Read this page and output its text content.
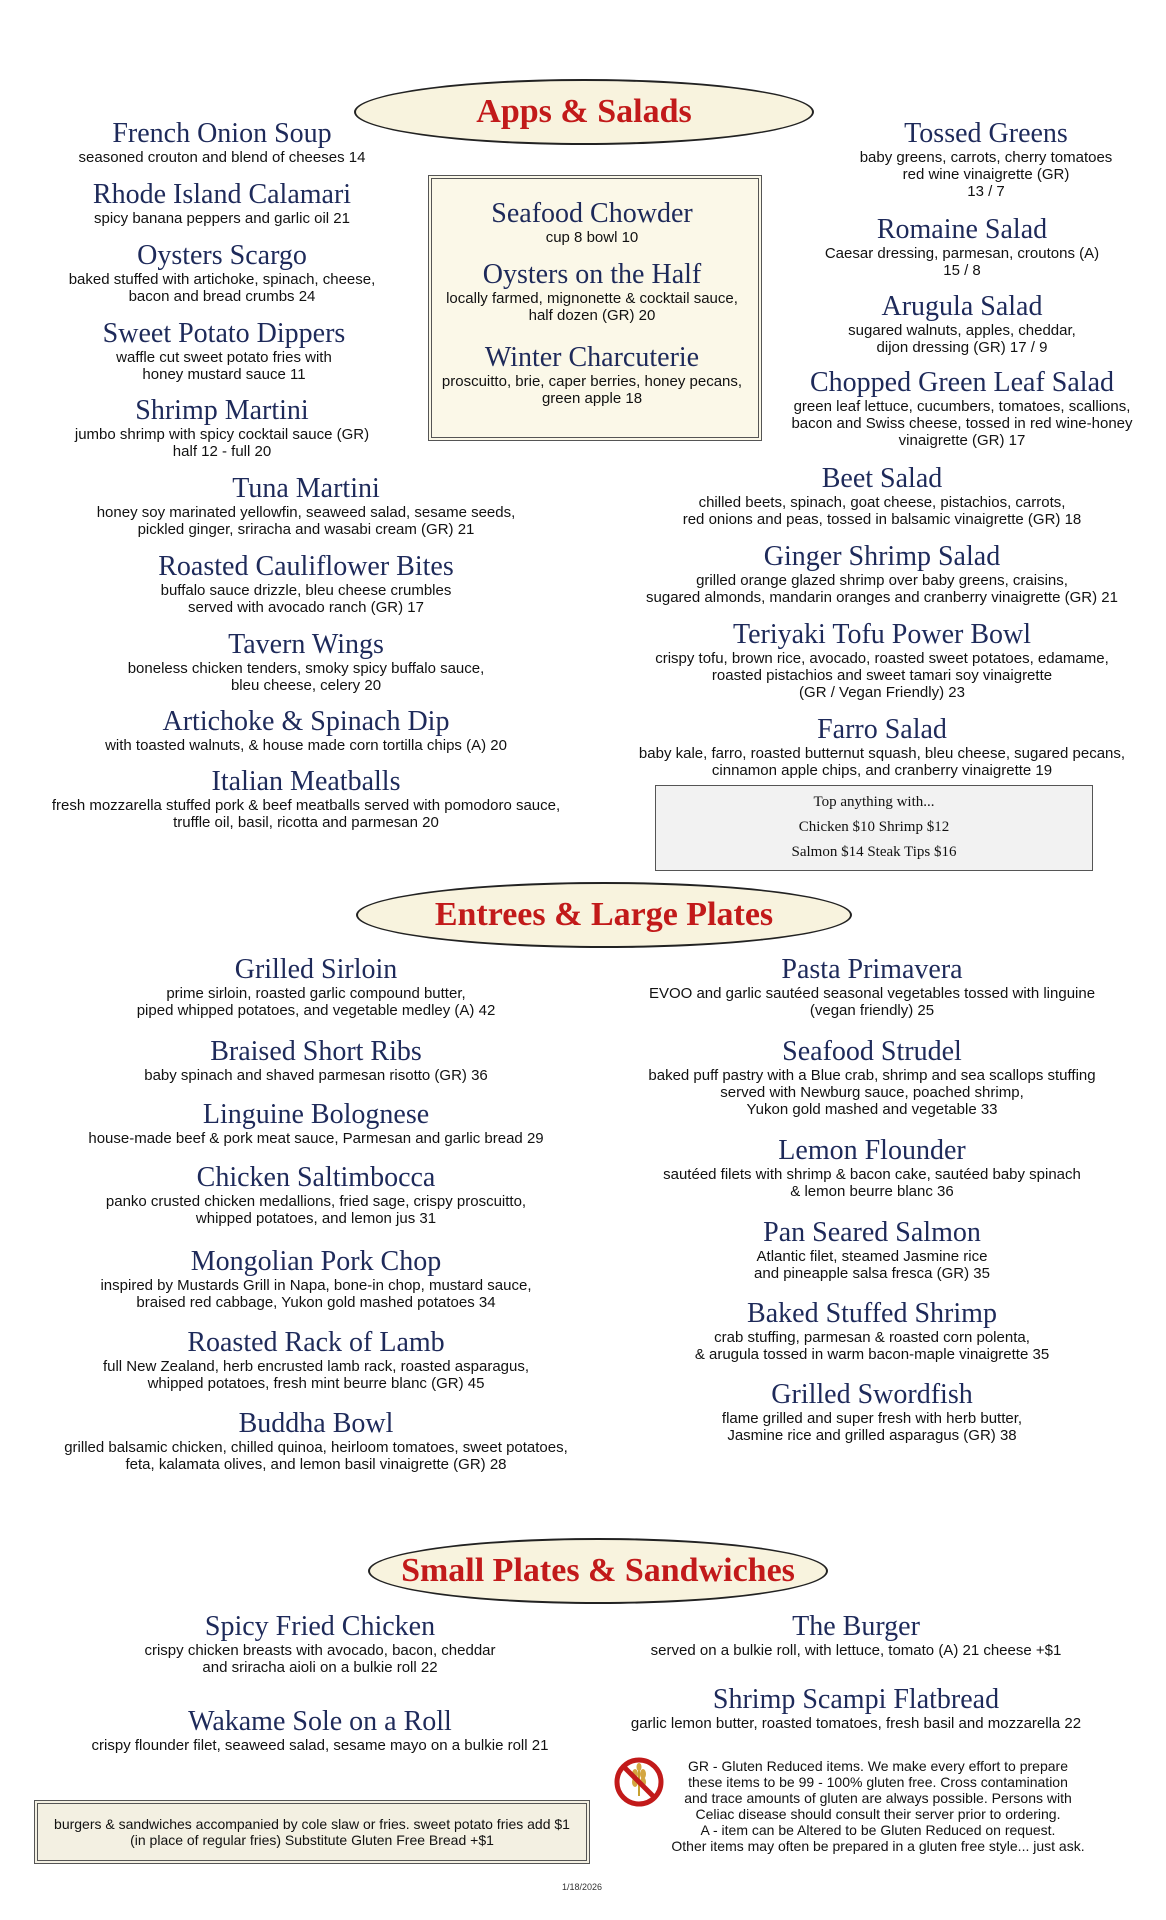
Apps & Salads
Entrees & Large Plates
Small Plates & Sandwiches
Top anything with...
Chicken $10 Shrimp $12
Salmon $14 Steak Tips $16
French Onion Soup
seasoned crouton and blend of cheeses 14
Rhode Island Calamari
spicy banana peppers and garlic oil 21
Oysters Scargo
baked stuffed with artichoke, spinach, cheese,
bacon and bread crumbs 24
Sweet Potato Dippers
waffle cut sweet potato fries with
honey mustard sauce 11
Shrimp Martini
jumbo shrimp with spicy cocktail sauce (GR)
half 12 - full 20
Tuna Martini
honey soy marinated yellowfin, seaweed salad, sesame seeds,
pickled ginger, sriracha and wasabi cream (GR) 21
Roasted Cauliflower Bites
buffalo sauce drizzle, bleu cheese crumbles
served with avocado ranch (GR) 17
Tavern Wings
boneless chicken tenders, smoky spicy buffalo sauce,
bleu cheese, celery 20
Artichoke & Spinach Dip
with toasted walnuts, & house made corn tortilla chips (A) 20
Italian Meatballs
fresh mozzarella stuffed pork & beef meatballs served with pomodoro sauce,
truffle oil, basil, ricotta and parmesan 20
Seafood Chowder
cup 8 bowl 10
Oysters on the Half
locally farmed, mignonette & cocktail sauce,
half dozen (GR) 20
Winter Charcuterie
proscuitto, brie, caper berries, honey pecans,
green apple 18
Tossed Greens
baby greens, carrots, cherry tomatoes
red wine vinaigrette (GR)
13 / 7
Romaine Salad
Caesar dressing, parmesan, croutons (A)
15 / 8
Arugula Salad
sugared walnuts, apples, cheddar,
dijon dressing (GR) 17 / 9
Chopped Green Leaf Salad
green leaf lettuce, cucumbers, tomatoes, scallions,
bacon and Swiss cheese, tossed in red wine-honey
vinaigrette (GR) 17
Beet Salad
chilled beets, spinach, goat cheese, pistachios, carrots,
red onions and peas, tossed in balsamic vinaigrette (GR) 18
Ginger Shrimp Salad
grilled orange glazed shrimp over baby greens, craisins,
sugared almonds, mandarin oranges and cranberry vinaigrette (GR) 21
Teriyaki Tofu Power Bowl
crispy tofu, brown rice, avocado, roasted sweet potatoes, edamame,
roasted pistachios and sweet tamari soy vinaigrette
(GR / Vegan Friendly) 23
Farro Salad
baby kale, farro, roasted butternut squash, bleu cheese, sugared pecans,
cinnamon apple chips, and cranberry vinaigrette 19
Grilled Sirloin
prime sirloin, roasted garlic compound butter,
piped whipped potatoes, and vegetable medley (A) 42
Braised Short Ribs
baby spinach and shaved parmesan risotto (GR) 36
Linguine Bolognese
house-made beef & pork meat sauce, Parmesan and garlic bread 29
Chicken Saltimbocca
panko crusted chicken medallions, fried sage, crispy proscuitto,
whipped potatoes, and lemon jus 31
Mongolian Pork Chop
inspired by Mustards Grill in Napa, bone-in chop, mustard sauce,
braised red cabbage, Yukon gold mashed potatoes 34
Roasted Rack of Lamb
full New Zealand, herb encrusted lamb rack, roasted asparagus,
whipped potatoes, fresh mint beurre blanc (GR) 45
Buddha Bowl
grilled balsamic chicken, chilled quinoa, heirloom tomatoes, sweet potatoes,
feta, kalamata olives, and lemon basil vinaigrette (GR) 28
Pasta Primavera
EVOO and garlic sautéed seasonal vegetables tossed with linguine
(vegan friendly) 25
Seafood Strudel
baked puff pastry with a Blue crab, shrimp and sea scallops stuffing
served with Newburg sauce, poached shrimp,
Yukon gold mashed and vegetable 33
Lemon Flounder
sautéed filets with shrimp & bacon cake, sautéed baby spinach
& lemon beurre blanc 36
Pan Seared Salmon
Atlantic filet, steamed Jasmine rice
and pineapple salsa fresca (GR) 35
Baked Stuffed Shrimp
crab stuffing, parmesan & roasted corn polenta,
& arugula tossed in warm bacon-maple vinaigrette 35
Grilled Swordfish
flame grilled and super fresh with herb butter,
Jasmine rice and grilled asparagus (GR) 38
Spicy Fried Chicken
crispy chicken breasts with avocado, bacon, cheddar
and sriracha aioli on a bulkie roll 22
Wakame Sole on a Roll
crispy flounder filet, seaweed salad, sesame mayo on a bulkie roll 21
The Burger
served on a bulkie roll, with lettuce, tomato (A) 21 cheese +$1
Shrimp Scampi Flatbread
garlic lemon butter, roasted tomatoes, fresh basil and mozzarella 22
GR - Gluten Reduced items. We make every effort to prepare
these items to be 99 - 100% gluten free. Cross contamination
and trace amounts of gluten are always possible. Persons with
Celiac disease should consult their server prior to ordering.
A - item can be Altered to be Gluten Reduced on request.
Other items may often be prepared in a gluten free style... just ask.
burgers & sandwiches accompanied by cole slaw or fries. sweet potato fries add $1
(in place of regular fries) Substitute Gluten Free Bread +$1
1/18/2026
